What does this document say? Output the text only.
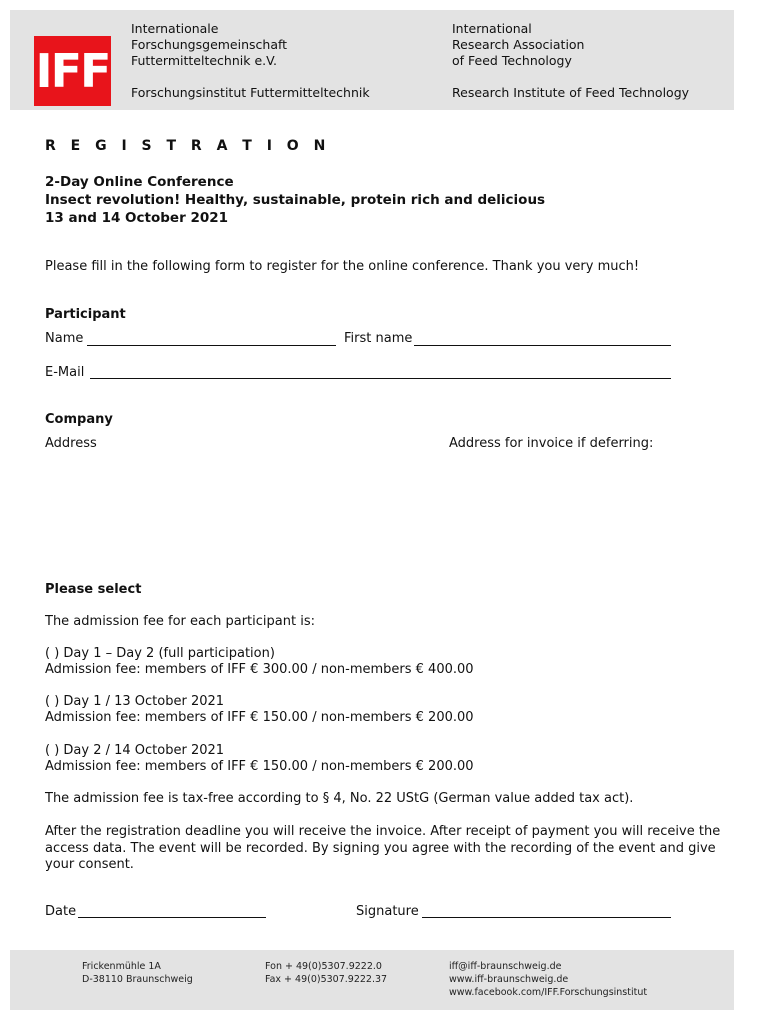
IFF
Internationale
Forschungsgemeinschaft
Futtermitteltechnik e.V.
Forschungsinstitut Futtermitteltechnik
International
Research Association
of Feed Technology
Research Institute of Feed Technology
R E G I S T R A T I O N
2-Day Online Conference
Insect revolution! Healthy, sustainable, protein rich and delicious
13 and 14 October 2021
Please fill in the following form to register for the online conference. Thank you very much!
Participant
Name	First name
E-Mail
Company
Address	Address for invoice if deferring:
Please select
The admission fee for each participant is:
( ) Day 1 – Day 2 (full participation)
Admission fee: members of IFF € 300.00 / non-members € 400.00
( ) Day 1 / 13 October 2021
Admission fee: members of IFF € 150.00 / non-members € 200.00
( ) Day 2 / 14 October 2021
Admission fee: members of IFF € 150.00 / non-members € 200.00
The admission fee is tax-free according to § 4, No. 22 UStG (German value added tax act).
After the registration deadline you will receive the invoice. After receipt of payment you will receive the
access data. The event will be recorded. By signing you agree with the recording of the event and give
your consent.
Date	Signature
Frickenmühle 1A
D-38110 Braunschweig
Fon + 49(0)5307.9222.0
Fax + 49(0)5307.9222.37
iff@iff-braunschweig.de
www.iff-braunschweig.de
www.facebook.com/IFF.Forschungsinstitut
